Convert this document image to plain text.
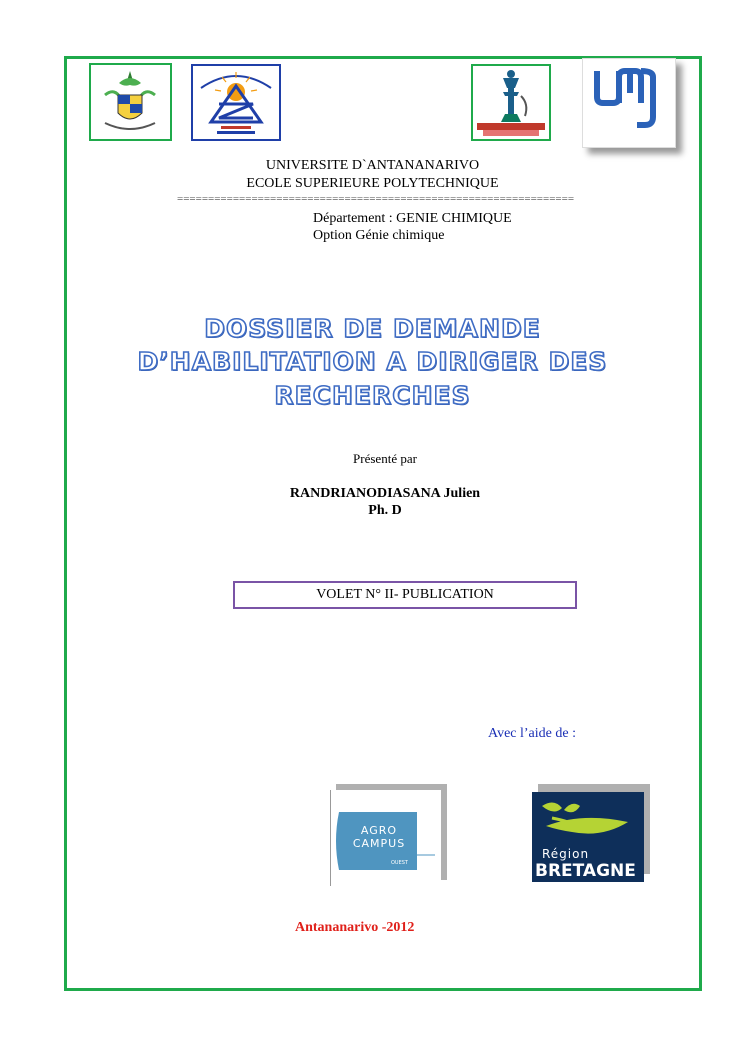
UNIVERSITE D`ANTANANARIVO
ECOLE SUPERIEURE POLYTECHNIQUE
================================================================
Département : GENIE CHIMIQUE
Option Génie chimique
DOSSIER DE DEMANDE
D’HABILITATION A DIRIGER DES
RECHERCHES
Présenté par
RANDRIANODIASANA Julien
Ph. D
VOLET N° II- PUBLICATION
Avec l’aide de :
AGRO
CAMPUS
OUEST
Région
BRETAGNE
Antananarivo -2012
